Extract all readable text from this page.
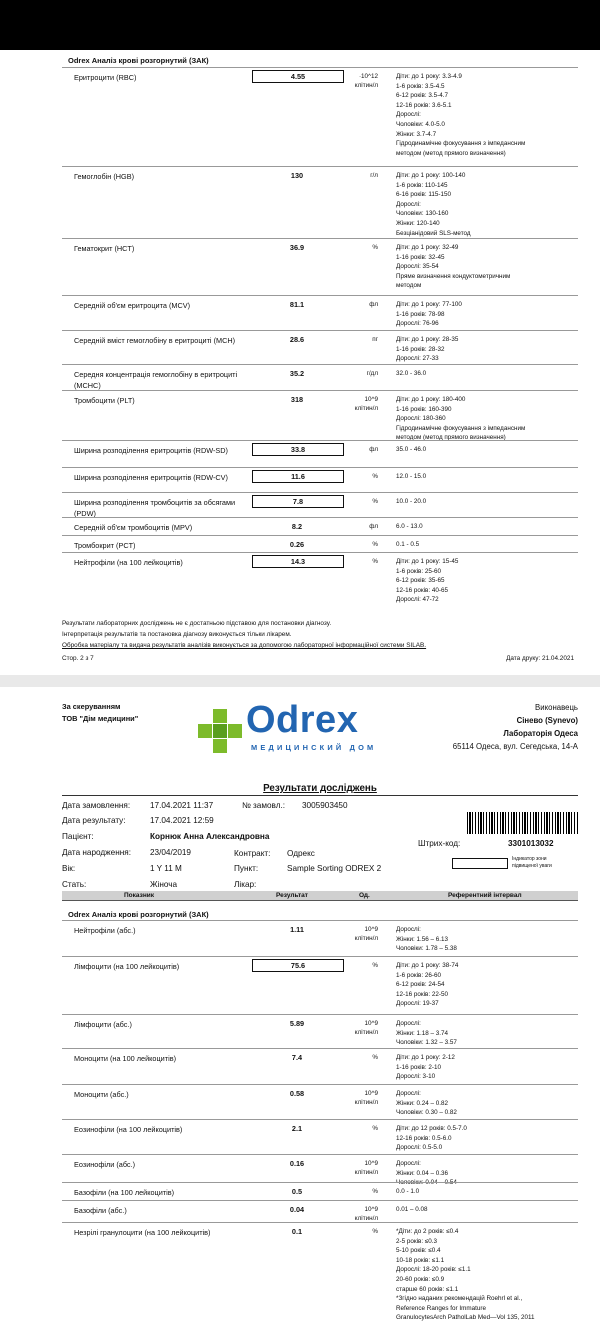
Odrex Аналіз крові розгорнутий (ЗАК)
Результати лабораторних досліджень не є достатньою підставою для постановки діагнозу.
Інтерпретація результатів та постановка діагнозу виконується тільки лікарем.
Обробка матеріалу та видача результатів аналізів виконується за допомогою лабораторної інформаційної системи SILAB.
Стор. 2 з 7	Дата друку: 21.04.2021
Еритроцити (RBC)	4.55	·10^12
клітин/л
Діти: до 1 року: 3.3-4.9
1-6 років: 3.5-4.5
6-12 років: 3.5-4.7
12-16 років: 3.6-5.1
Дорослі:
Чоловіки: 4.0-5.0
Жінки: 3.7-4.7
Гідродинамічне фокусування з імпедансним
методом (метод прямого визначення)
Гемоглобін (HGB)	130	г/л	Діти: до 1 року: 100-140
1-6 років: 110-145
6-16 років: 115-150
Дорослі:
Чоловіки: 130-160
Жінки: 120-140
Безціанідовий SLS-метод
Гематокрит (HCT)	36.9	%	Діти: до 1 року: 32-49
1-16 років: 32-45
Дорослі: 35-54
Пряме визначення кондуктометричним
методом
Середній об'єм еритроцита (MCV)	81.1	фл	Діти: до 1 року: 77-100
1-16 років: 78-98
Дорослі: 76-96
Середній вміст гемоглобіну в еритроциті (MCH)	28.6	пг	Діти: до 1 року: 28-35
1-16 років: 28-32
Дорослі: 27-33
Середня концентрація гемоглобіну в еритроциті (MCHC)
35.2	г/дл	32.0 - 36.0
Тромбоцити (PLT)	318	10^9
клітин/л
Діти: до 1 року: 180-400
1-16 років: 160-390
Дорослі: 180-360
Гідродинамічне фокусування з імпедансним
методом (метод прямого визначення)
Ширина розподілення еритроцитів (RDW-SD)	33.8	фл	35.0 - 46.0
Ширина розподілення еритроцитів (RDW-CV)	11.6	%	12.0 - 15.0
Ширина розподілення тромбоцитів за обсягами (PDW)
7.8	%	10.0 - 20.0
Середній об'єм тромбоцитів (MPV)	8.2	фл	6.0 - 13.0
Тромбокрит (PCT)	0.26	%	0.1 - 0.5
Нейтрофіли (на 100 лейкоцитів)	14.3	%	Діти: до 1 року: 15-45
1-6 років: 25-60
6-12 років: 35-65
12-16 років: 40-65
Дорослі: 47-72
За скеруванням
ТОВ "Дім медицини"	Odrex
МЕДИЦИНСКИЙ ДОМ
Виконавець
Сінево (Synevo)
Лабораторія Одеса
65114 Одеса, вул. Сегедська, 14-А
Результати досліджень
Дата замовлення: 17.04.2021 11:37	№ замовл.: 3005903450
Дата результату:	17.04.2021 12:59
Пацієнт:	Корнюк Анна Александровна
Дата народження: 23/04/2019	Контракт: Одрекс
Вік:	1 Y 11 M	Пункт:	Sample Sorting ODREX 2
Стать:	Жіноча	Лікар:
Штрих-код:	3301013032
Індикатор зони підвищеної уваги
Показник	Результат	Од.	Референтний інтервал
Odrex Аналіз крові розгорнутий (ЗАК)
Нейтрофіли (абс.)	1.11	10^9
клітин/л
Дорослі:
Жінки: 1.56 – 6.13
Чоловіки: 1.78 – 5.38
Лімфоцити (на 100 лейкоцитів)	75.6	%	Діти: до 1 року: 38-74
1-6 років: 26-60
6-12 років: 24-54
12-16 років: 22-50
Дорослі: 19-37
Лімфоцити (абс.)	5.89	10^9
клітин/л
Дорослі:
Жінки: 1.18 – 3.74
Чоловіки: 1.32 – 3.57
Моноцити (на 100 лейкоцитів)	7.4	%	Діти: до 1 року: 2-12
1-16 років: 2-10
Дорослі: 3-10
Моноцити (абс.)	0.58	10^9
клітин/л
Дорослі:
Жінки: 0.24 – 0.82
Чоловіки: 0.30 – 0.82
Еозинофіли (на 100 лейкоцитів)	2.1	%	Діти: до 12 років: 0.5-7.0
12-16 років: 0.5-6.0
Дорослі: 0.5-5.0
Еозинофіли (абс.)	0.16	10^9
клітин/л
Дорослі:
Жінки: 0.04 – 0.36
Чоловіки: 0.04 – 0.54
Базофіли (на 100 лейкоцитів)	0.5	%	0.0 - 1.0
Базофіли (абс.)	0.04	10^9
клітин/л
0.01 – 0.08
Незрілі гранулоцити (на 100 лейкоцитів)	0.1	%	*Діти: до 2 років: ≤0.4
2-5 років: ≤0.3
5-10 років: ≤0.4
10-18 років: ≤1.1
Дорослі: 18-20 років: ≤1.1
20-60 років: ≤0.9
старше 60 років: ≤1.1
*Згідно наданих рекомендацій Roehrl et al.,
Reference Ranges for Immature
GranulocytesArch PatholLab Med—Vol 135, 2011
